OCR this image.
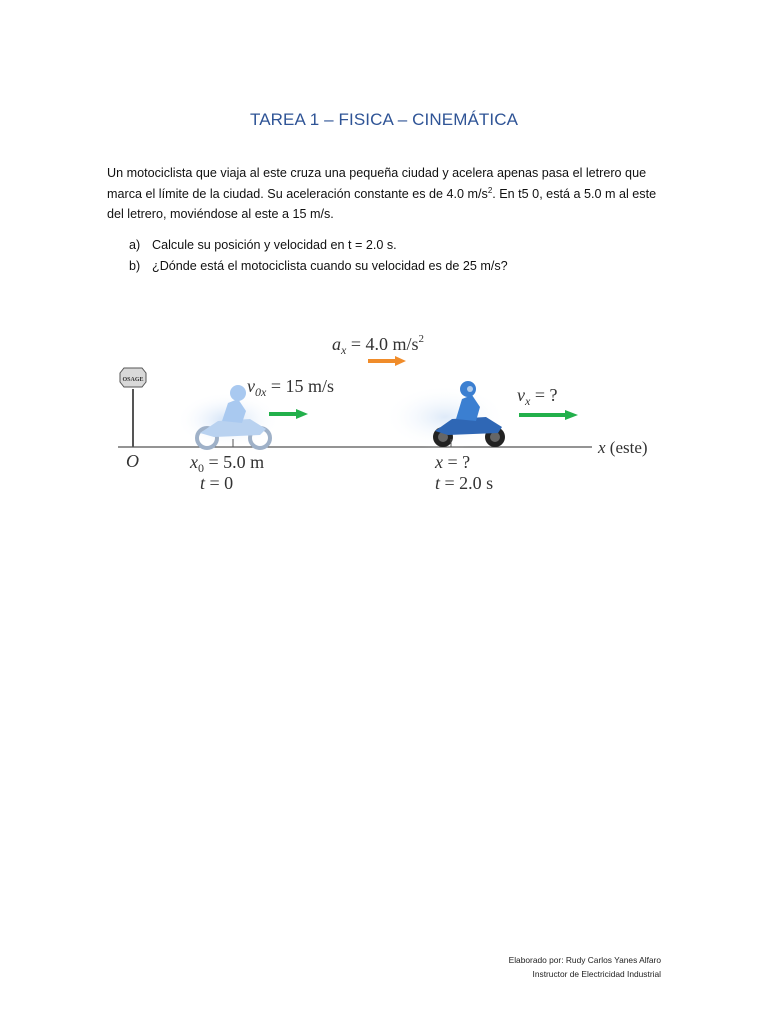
TAREA 1 – FISICA – CINEMÁTICA
Un motociclista que viaja al este cruza una pequeña ciudad y acelera apenas pasa el letrero que marca el límite de la ciudad. Su aceleración constante es de 4.0 $m/s^2$. En t5 0, está a 5.0 m al este del letrero, moviéndose al este a 15 m/s.
a) Calcule su posición y velocidad en t = 2.0 s.
b) ¿Dónde está el motociclista cuando su velocidad es de 25 m/s?
OSAGE
$a_x = 4.0$ $m/s^2$
$v_{0x} = 15$ m/s	$v_x$ = ?
O
x (este)
$x_0 = 5.0$ m
t = 0
x = ?
t = 2.0 s
Elaborado por: Rudy Carlos Yanes Alfaro
Instructor de Electricidad Industrial
